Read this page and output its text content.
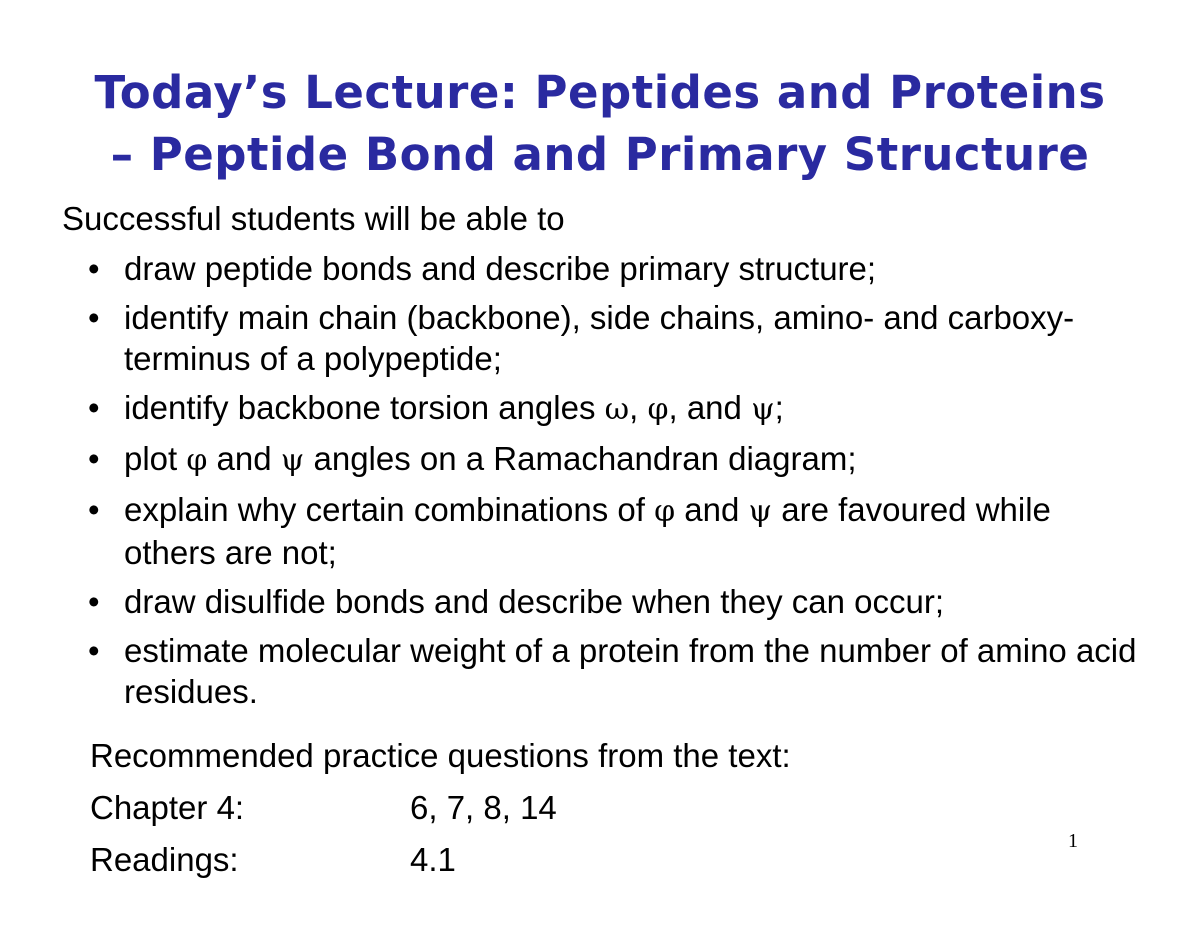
Today’s Lecture: Peptides and Proteins
– Peptide Bond and Primary Structure
Successful students will be able to
• draw peptide bonds and describe primary structure;
• identify main chain (backbone), side chains, amino- and carboxy-terminus of a polypeptide;
• identify backbone torsion angles ω, φ, and ψ;
• plot φ and ψ angles on a Ramachandran diagram;
• explain why certain combinations of φ and ψ are favoured while others are not;
• draw disulfide bonds and describe when they can occur;
• estimate molecular weight of a protein from the number of amino acid residues.
Recommended practice questions from the text:
Chapter 4:	6, 7, 8, 14
Readings:	4.1	1
